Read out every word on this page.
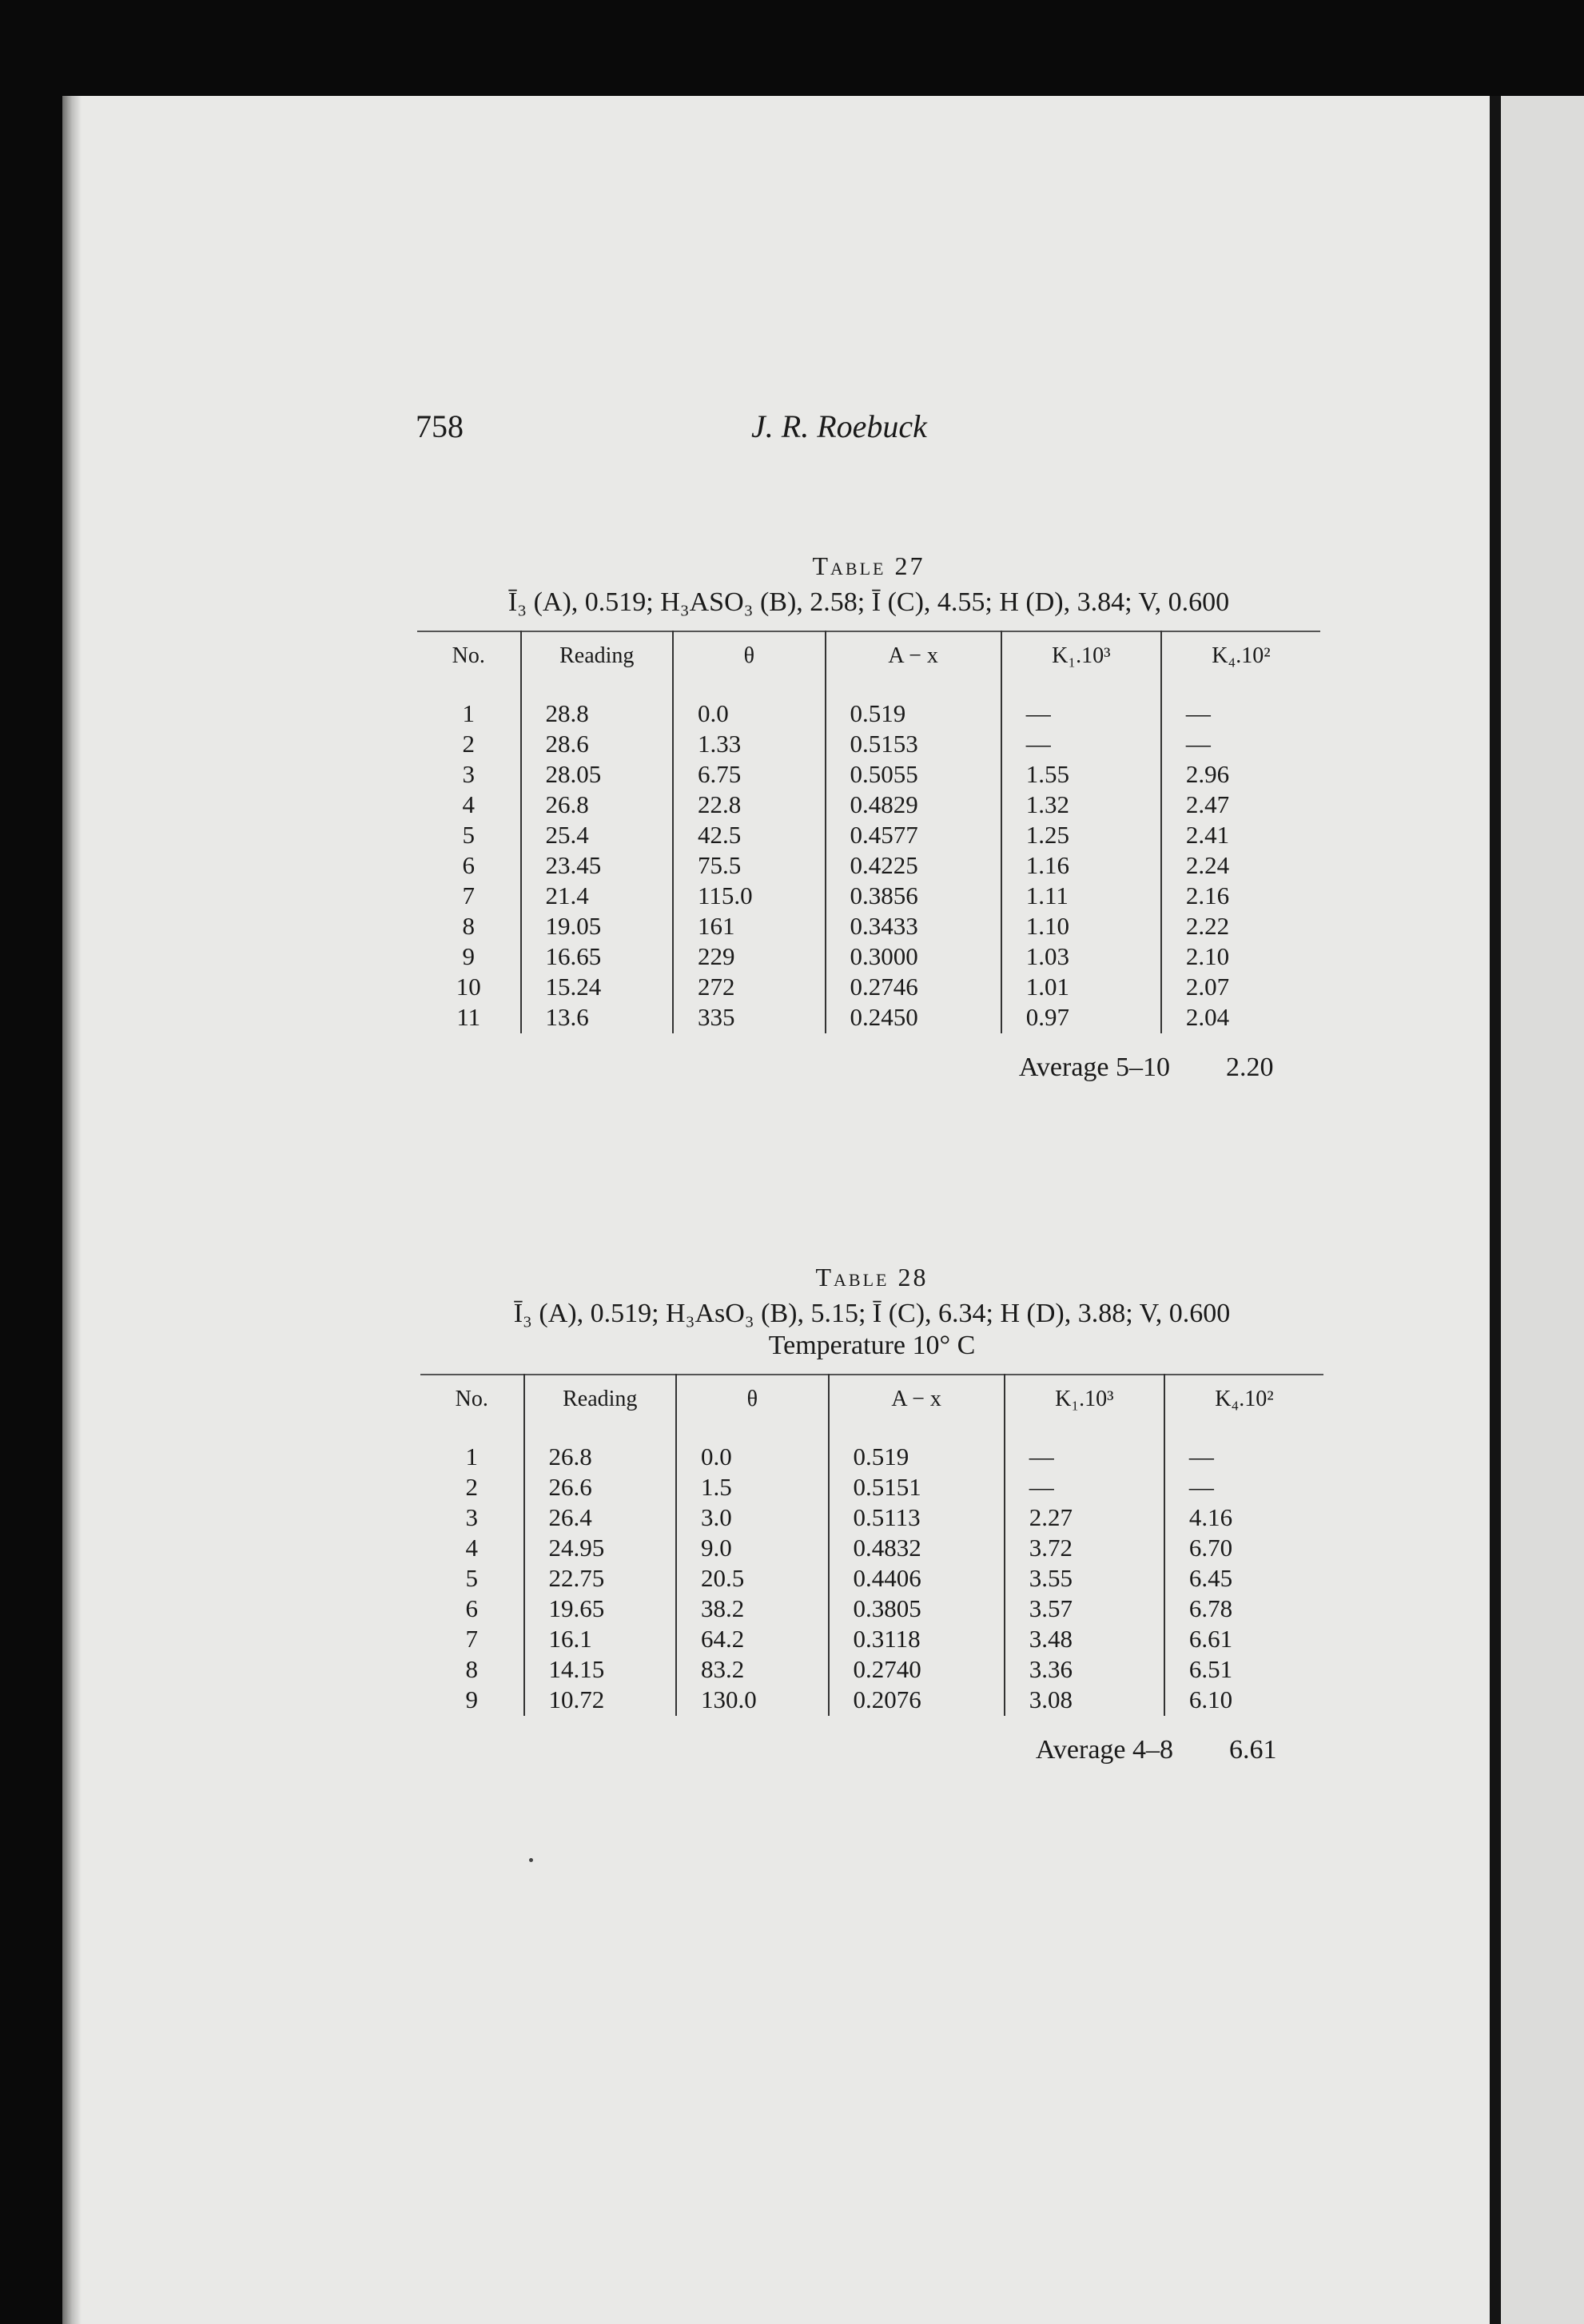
758	J. R. Roebuck
Table 27
Ī₃ (A), 0.519; H₃ASO₃ (B), 2.58; Ī (C), 4.55; H (D), 3.84; V, 0.600
No.	Reading	θ	A − x	K₁.10³	K₄.10²
1	28.8	0.0	0.519	—	—
2	28.6	1.33	0.5153	—	—
3	28.05	6.75	0.5055	1.55	2.96
4	26.8	22.8	0.4829	1.32	2.47
5	25.4	42.5	0.4577	1.25	2.41
6	23.45	75.5	0.4225	1.16	2.24
7	21.4	115.0	0.3856	1.11	2.16
8	19.05	161	0.3433	1.10	2.22
9	16.65	229	0.3000	1.03	2.10
10	15.24	272	0.2746	1.01	2.07
11	13.6	335	0.2450	0.97	2.04
Average 5–10 2.20
Table 28
Ī₃ (A), 0.519; H₃AsO₃ (B), 5.15; Ī (C), 6.34; H (D), 3.88; V, 0.600
Temperature 10° C
No.	Reading	θ	A − x	K₁.10³	K₄.10²
1	26.8	0.0	0.519	—	—
2	26.6	1.5	0.5151	—	—
3	26.4	3.0	0.5113	2.27	4.16
4	24.95	9.0	0.4832	3.72	6.70
5	22.75	20.5	0.4406	3.55	6.45
6	19.65	38.2	0.3805	3.57	6.78
7	16.1	64.2	0.3118	3.48	6.61
8	14.15	83.2	0.2740	3.36	6.51
9	10.72	130.0	0.2076	3.08	6.10
Average 4–8 6.61
